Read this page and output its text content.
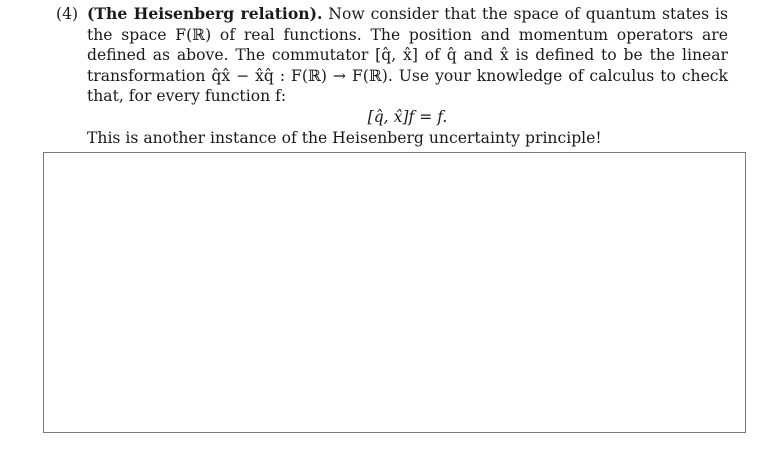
(4) (The Heisenberg relation). Now consider that the space of quantum states is the space F(ℝ) of real functions. The position and momentum operators are defined as above. The commutator [q̂, x̂] of q̂ and x̂ is defined to be the linear transformation q̂x̂ − x̂q̂ : F(ℝ) → F(ℝ). Use your knowledge of calculus to check that, for every function f:
[q̂, x̂]f = f.
This is another instance of the Heisenberg uncertainty principle!
